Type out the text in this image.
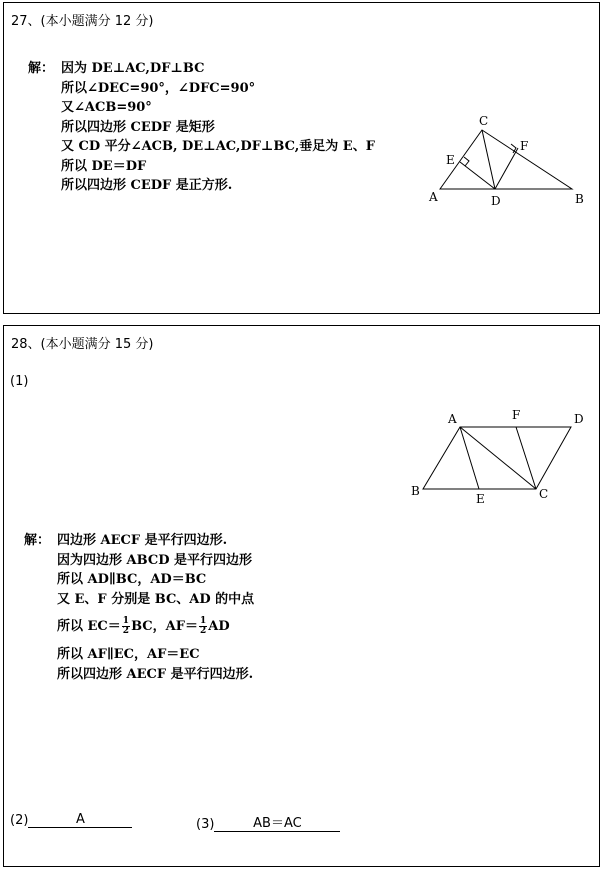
27、(本小题满分 12 分)
解： 因为 DE⊥AC,DF⊥BC
所以∠DEC=90°，∠DFC=90°
又∠ACB=90°
所以四边形 CEDF 是矩形
又 CD 平分∠ACB, DE⊥AC,DF⊥BC,垂足为 E、F
所以 DE＝DF
所以四边形 CEDF 是正方形.
C
F
E
A	D	B
28、(本小题满分 15 分)
(1)
A	F	D
B
E	C
解： 四边形 AECF 是平行四边形.
因为四边形 ABCD 是平行四边形
所以 AD∥BC，AD＝BC
又 E、F 分别是 BC、AD 的中点
所以 $EC= \frac{1}{2}$ BC，$AF= \frac{1}{2}$ AD
所以 AF∥EC，AF＝EC
所以四边形 AECF 是平行四边形.
(2)	A	(3)	AB＝AC
